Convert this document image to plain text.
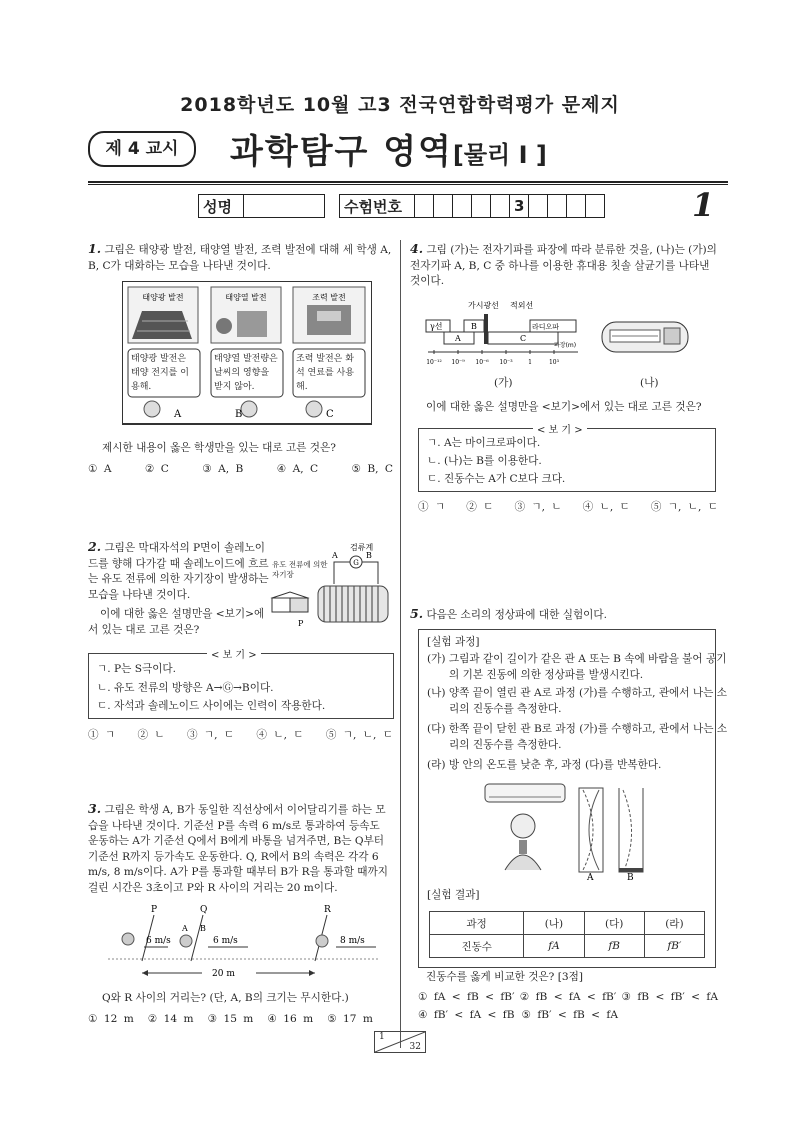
2018학년도 10월 고3 전국연합학력평가 문제지
제 4 교시	과학탐구 영역[물리 I ]
성명		수험번호						3					1
1. 그림은 태양광 발전, 태양열 발전, 조력 발전에 대해 세 학생 A, B, C가 대화하는 모습을 나타낸 것이다.
태양광 발전	태양열 발전	조력 발전
A	B	C
태양광 발전은 태양 전지를 이용해.
태양열 발전량은 날씨의 영향을 받지 않아.
조력 발전은 화석 연료를 사용해.
제시한 내용이 옳은 학생만을 있는 대로 고른 것은?
① A	② C	③ A, B	④ A, C	⑤ B, C
2. 그림은 막대자석의 P면이 솔레노이드를 향해 다가갈 때 솔레노이드에 흐르는 유도 전류에 의한 자기장이 발생하는 모습을 나타낸 것이다.
이에 대한 옳은 설명만을 <보기>에서 있는 대로 고른 것은?
G
검류계
A	B
P
유도 전류에 의한 자기장
< 보 기 >
ㄱ. P는 S극이다.
ㄴ. 유도 전류의 방향은 A→Ⓖ→B이다.
ㄷ. 자석과 솔레노이드 사이에는 인력이 작용한다.
① ㄱ ② ㄴ ③ ㄱ, ㄷ ④ ㄴ, ㄷ ⑤ ㄱ, ㄴ, ㄷ
3. 그림은 학생 A, B가 동일한 직선상에서 이어달리기를 하는 모습을 나타낸 것이다. 기준선 P를 속력 6 m/s로 통과하여 등속도 운동하는 A가 기준선 Q에서 B에게 바통을 넘겨주면, B는 Q부터 기준선 R까지 등가속도 운동한다. Q, R에서 B의 속력은 각각 6 m/s, 8 m/s이다. A가 P를 통과할 때부터 B가 R을 통과할 때까지 걸린 시간은 3초이고 P와 R 사이의 거리는 20 m이다.
P	Q	R
A B
6 m/s	6 m/s	8 m/s
20 m
Q와 R 사이의 거리는? (단, A, B의 크기는 무시한다.)
① 12 m ② 14 m ③ 15 m ④ 16 m ⑤ 17 m
4. 그림 (가)는 전자기파를 파장에 따라 분류한 것을, (나)는 (가)의 전자기파 A, B, C 중 하나를 이용한 휴대용 칫솔 살균기를 나타낸 것이다.
가시광선 적외선
γ선	B	라디오파
A	C
파장(m)
10⁻¹² 10⁻⁹ 10⁻⁶ 10⁻³	1	10³
(가)	(나)
이에 대한 옳은 설명만을 <보기>에서 있는 대로 고른 것은?
< 보 기 >
ㄱ. A는 마이크로파이다.
ㄴ. (나)는 B를 이용한다.
ㄷ. 진동수는 A가 C보다 크다.
① ㄱ ② ㄷ ③ ㄱ, ㄴ ④ ㄴ, ㄷ ⑤ ㄱ, ㄴ, ㄷ
5. 다음은 소리의 정상파에 대한 실험이다.
[실험 과정]
(가) 그림과 같이 길이가 같은 관 A 또는 B 속에 바람을 불어 공기의 기본 진동에 의한 정상파를 발생시킨다.
(나) 양쪽 끝이 열린 관 A로 과정 (가)를 수행하고, 관에서 나는 소리의 진동수를 측정한다.
(다) 한쪽 끝이 닫힌 관 B로 과정 (가)를 수행하고, 관에서 나는 소리의 진동수를 측정한다.
(라) 방 안의 온도를 낮춘 후, 과정 (다)를 반복한다.
A	B
[실험 결과]
과정	(나)	(다)	(라)
진동수	fA	fB	fB′
진동수를 옳게 비교한 것은? [3점]
① fA < fB < fB′ ② fB < fA < fB′ ③ fB < fB′ < fA
④ fB′ < fA < fB ⑤ fB′ < fB < fA
1
32
